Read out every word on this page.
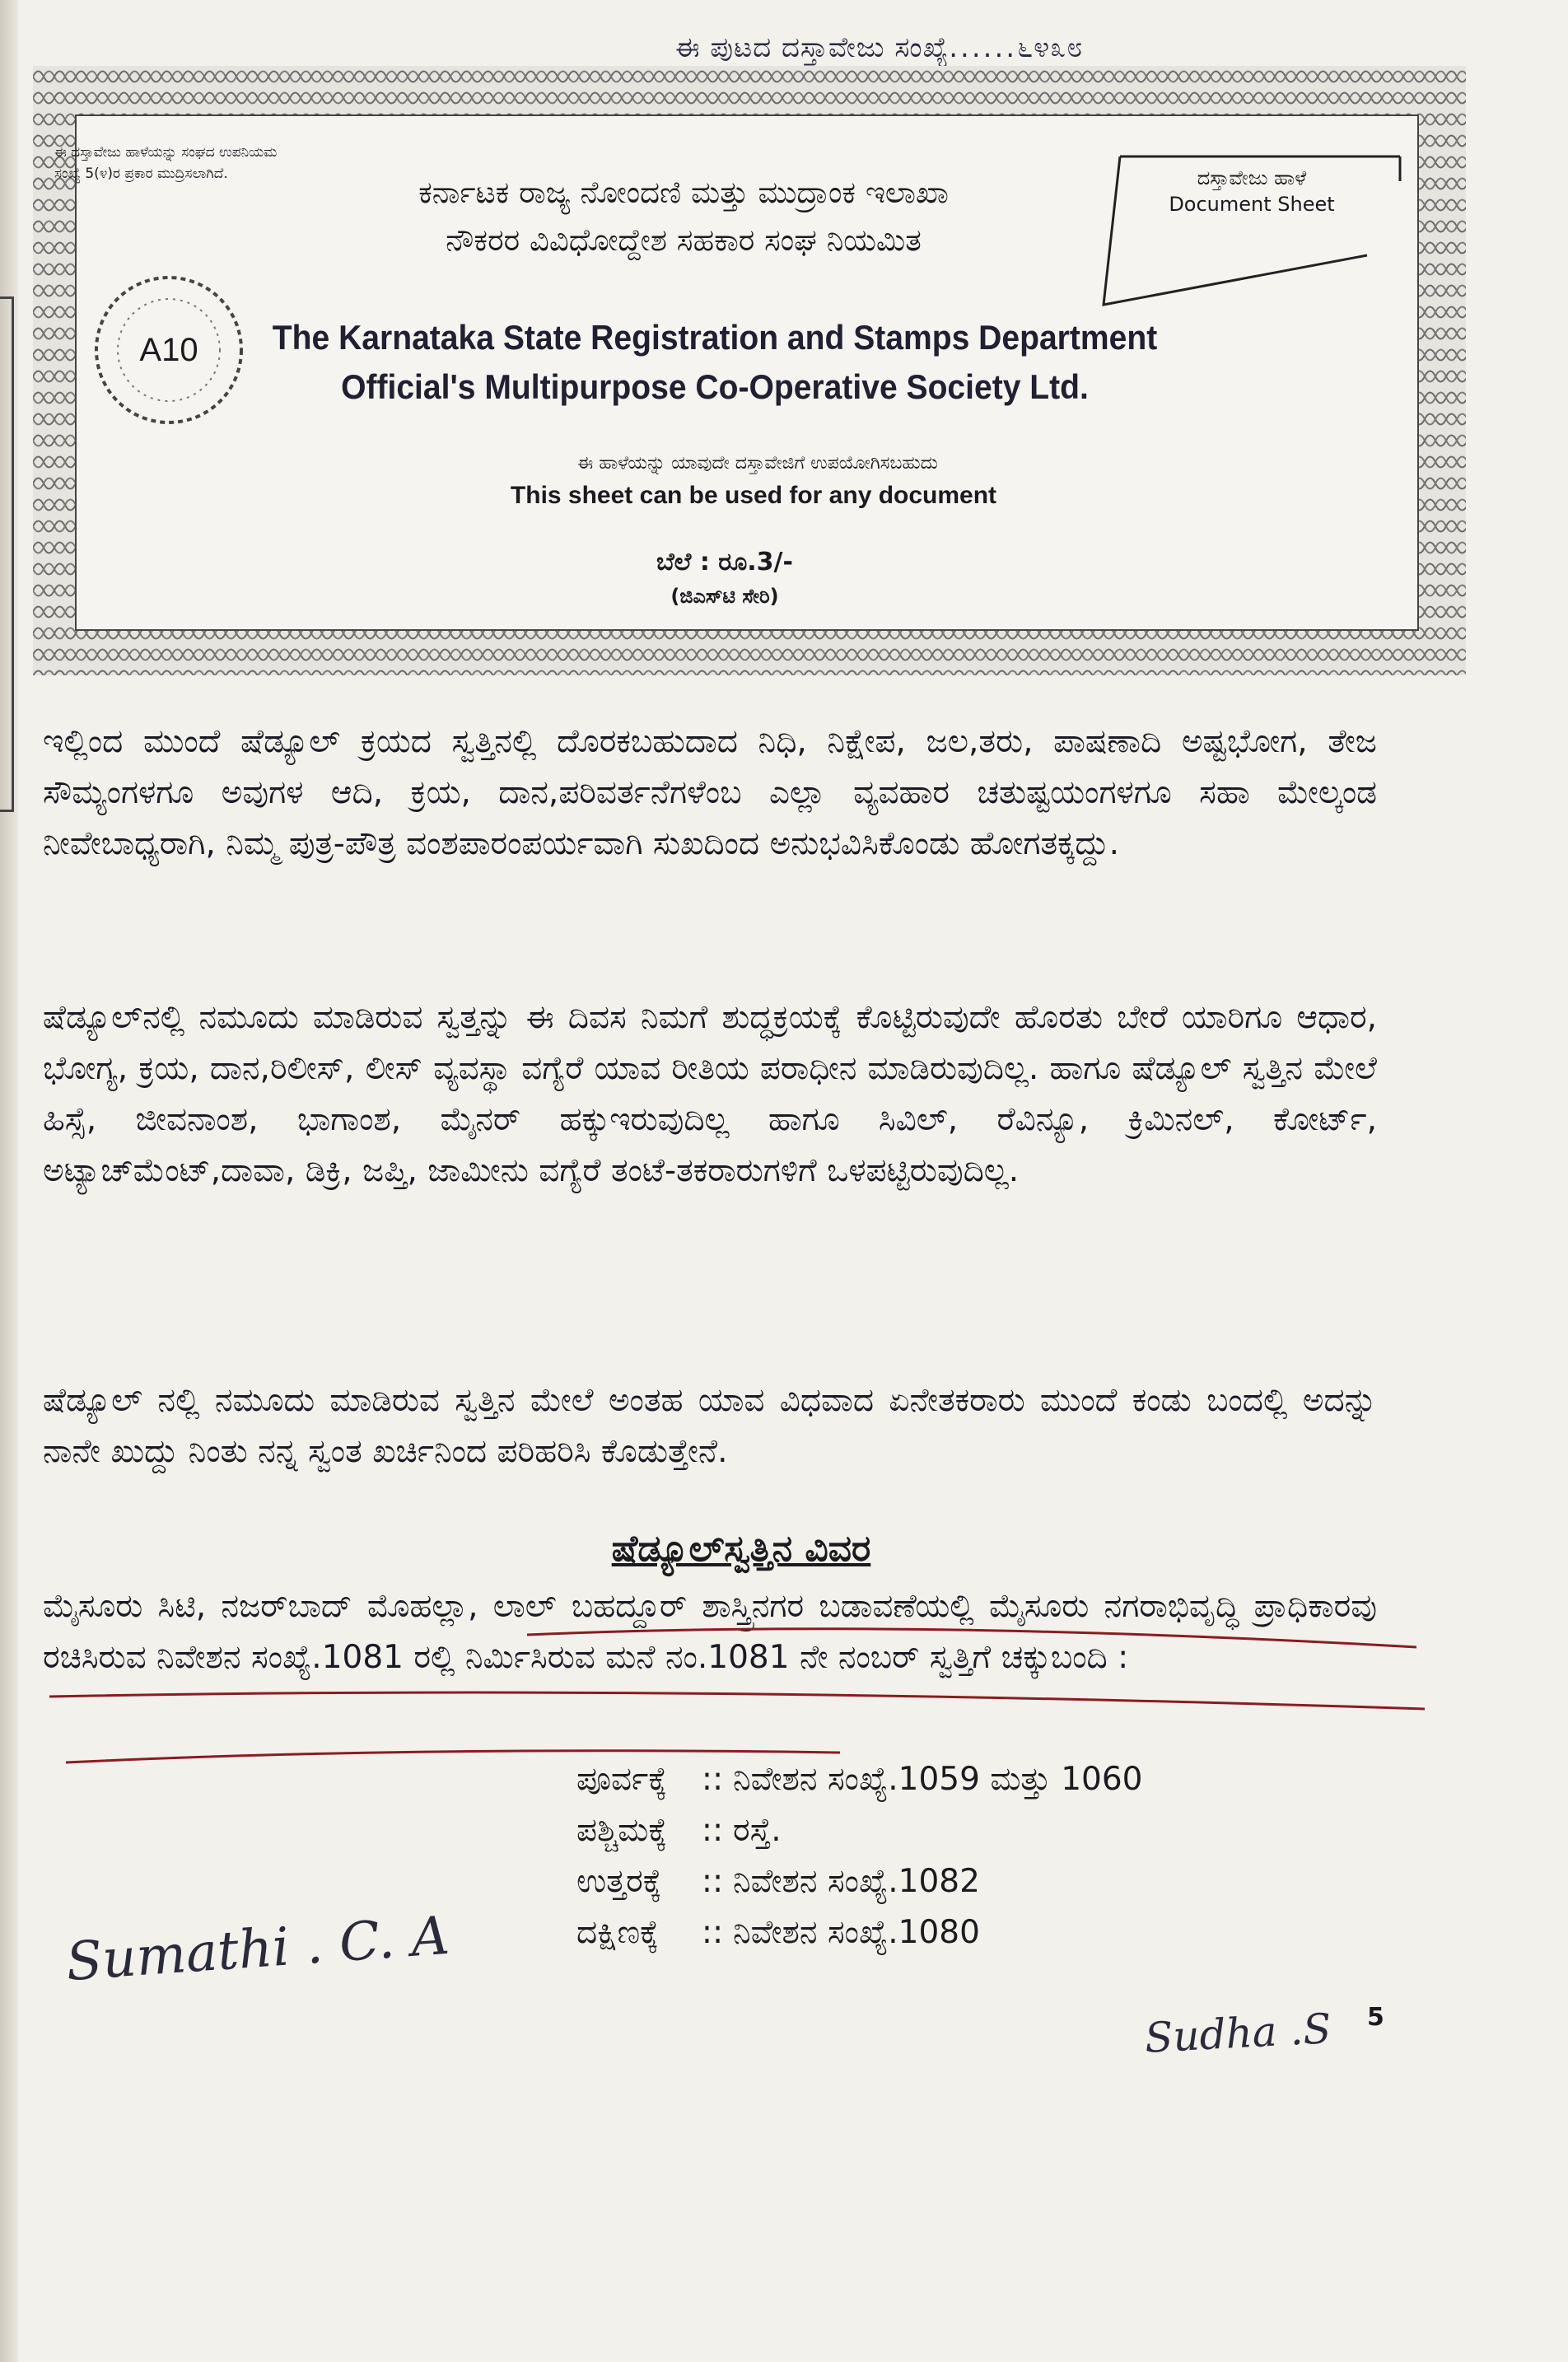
ಈ ಪುಟದ ದಸ್ತಾವೇಜು ಸಂಖ್ಯೆ......೬೪೩೮
ಈ ದಸ್ತಾವೇಜು ಹಾಳೆಯನ್ನು ಸಂಘದ ಉಪನಿಯಮ
ಸಂಖ್ಯೆ 5(೪)ರ ಪ್ರಕಾರ ಮುದ್ರಿಸಲಾಗಿದೆ.
ಕರ್ನಾಟಕ ರಾಜ್ಯ ನೋಂದಣಿ ಮತ್ತು ಮುದ್ರಾಂಕ ಇಲಾಖಾ
ನೌಕರರ ವಿವಿಧೋದ್ದೇಶ ಸಹಕಾರ ಸಂಘ ನಿಯಮಿತ
ದಸ್ತಾವೇಜು ಹಾಳೆ
Document Sheet
The Karnataka State Registration and Stamps Department
Official's Multipurpose Co-Operative Society Ltd.
ಈ ಹಾಳೆಯನ್ನು ಯಾವುದೇ ದಸ್ತಾವೇಜಿಗೆ ಉಪಯೋಗಿಸಬಹುದು
This sheet can be used for any document
ಬೆಲೆ : ರೂ.3/-
(ಜಿಎಸ್‌ಟಿ ಸೇರಿ)
A10
ಇಲ್ಲಿಂದ ಮುಂದೆ ಷೆಡ್ಯೂಲ್ ಕ್ರಯದ ಸ್ವತ್ತಿನಲ್ಲಿ ದೊರಕಬಹುದಾದ ನಿಧಿ, ನಿಕ್ಷೇಪ, ಜಲ,ತರು, ಪಾಷಣಾದಿ ಅಷ್ಟಭೋಗ, ತೇಜ ಸೌಮ್ಯಂಗಳಗೂ ಅವುಗಳ ಆದಿ, ಕ್ರಯ, ದಾನ,ಪರಿವರ್ತನೆಗಳೆಂಬ ಎಲ್ಲಾ ವ್ಯವಹಾರ ಚತುಷ್ಟಯಂಗಳಗೂ ಸಹಾ ಮೇಲ್ಕಂಡ ನೀವೇಬಾಧ್ಯರಾಗಿ, ನಿಮ್ಮ ಪುತ್ರ-ಪೌತ್ರ ವಂಶಪಾರಂಪರ್ಯವಾಗಿ ಸುಖದಿಂದ ಅನುಭವಿಸಿಕೊಂಡು ಹೋಗತಕ್ಕದ್ದು.
ಷೆಡ್ಯೂಲ್‌ನಲ್ಲಿ ನಮೂದು ಮಾಡಿರುವ ಸ್ವತ್ತನ್ನು ಈ ದಿವಸ ನಿಮಗೆ ಶುದ್ಧಕ್ರಯಕ್ಕೆ ಕೊಟ್ಟಿರುವುದೇ ಹೊರತು ಬೇರೆ ಯಾರಿಗೂ ಆಧಾರ, ಭೋಗ್ಯ, ಕ್ರಯ, ದಾನ,ರಿಲೀಸ್, ಲೀಸ್ ವ್ಯವಸ್ಥಾ ವಗ್ಯೆರೆ ಯಾವ ರೀತಿಯ ಪರಾಧೀನ ಮಾಡಿರುವುದಿಲ್ಲ. ಹಾಗೂ ಷೆಡ್ಯೂಲ್ ಸ್ವತ್ತಿನ ಮೇಲೆ ಹಿಸ್ಸೆ, ಜೀವನಾಂಶ, ಭಾಗಾಂಶ, ಮೈನರ್ ಹಕ್ಕುಇರುವುದಿಲ್ಲ ಹಾಗೂ ಸಿವಿಲ್, ರೆವಿನ್ಯೂ, ಕ್ರಿಮಿನಲ್, ಕೋರ್ಟ್, ಅಟ್ಯಾಚ್‌ಮೆಂಟ್,ದಾವಾ, ಡಿಕ್ರಿ, ಜಪ್ತಿ, ಜಾಮೀನು ವಗ್ಯೆರೆ ತಂಟೆ-ತಕರಾರುಗಳಿಗೆ ಒಳಪಟ್ಟಿರುವುದಿಲ್ಲ.
ಷೆಡ್ಯೂಲ್ ನಲ್ಲಿ ನಮೂದು ಮಾಡಿರುವ ಸ್ವತ್ತಿನ ಮೇಲೆ ಅಂತಹ ಯಾವ ವಿಧವಾದ ಏನೇತಕರಾರು ಮುಂದೆ ಕಂಡು ಬಂದಲ್ಲಿ ಅದನ್ನು ನಾನೇ ಖುದ್ದು ನಿಂತು ನನ್ನ ಸ್ವಂತ ಖರ್ಚಿನಿಂದ ಪರಿಹರಿಸಿ ಕೊಡುತ್ತೇನೆ.
ಷೆಡ್ಯೂಲ್‌ಸ್ವತ್ತಿನ ವಿವರ
ಮೈಸೂರು ಸಿಟಿ, ನಜರ್‌ಬಾದ್ ಮೊಹಲ್ಲಾ, ಲಾಲ್ ಬಹದ್ದೂರ್ ಶಾಸ್ತ್ರಿನಗರ ಬಡಾವಣೆಯಲ್ಲಿ ಮೈಸೂರು ನಗರಾಭಿವೃದ್ಧಿ ಪ್ರಾಧಿಕಾರವು ರಚಿಸಿರುವ ನಿವೇಶನ ಸಂಖ್ಯೆ.1081 ರಲ್ಲಿ ನಿರ್ಮಿಸಿರುವ ಮನೆ ನಂ.1081 ನೇ ನಂಬರ್ ಸ್ವತ್ತಿಗೆ ಚಕ್ಕುಬಂದಿ :
ಪೂರ್ವಕ್ಕೆ	:: ನಿವೇಶನ ಸಂಖ್ಯೆ.1059 ಮತ್ತು 1060
ಪಶ್ಚಿಮಕ್ಕೆ	:: ರಸ್ತೆ.
ಉತ್ತರಕ್ಕೆ	:: ನಿವೇಶನ ಸಂಖ್ಯೆ.1082
ದಕ್ಷಿಣಕ್ಕೆ	:: ನಿವೇಶನ ಸಂಖ್ಯೆ.1080
Sumathi . C. A
Sudha .S 5
